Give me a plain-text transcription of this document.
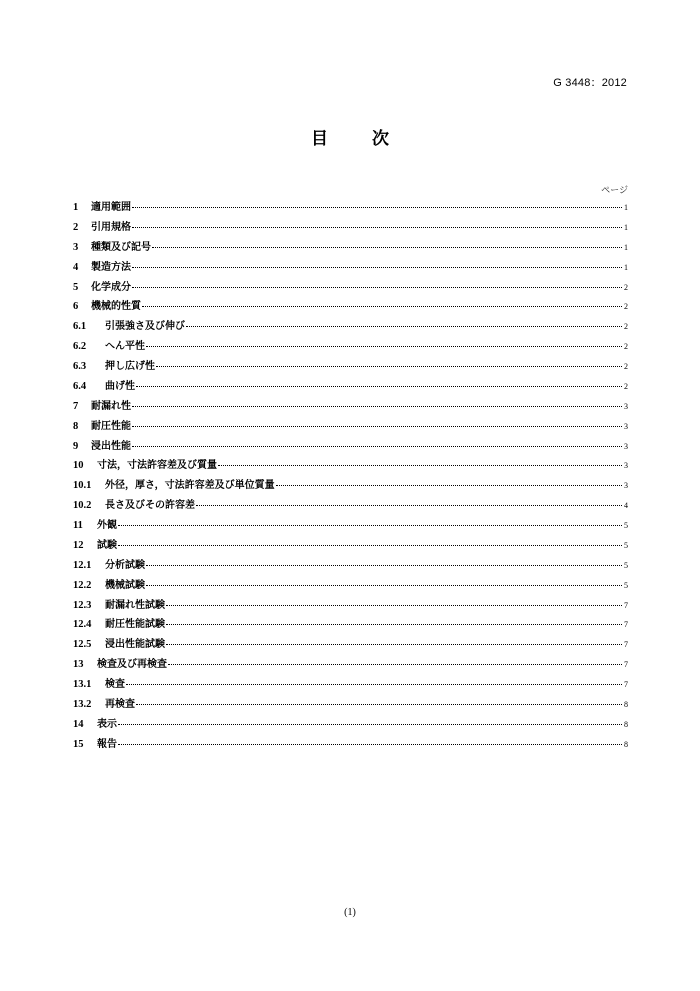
G 3448：2012
目 次
ページ
1	適用範囲	1
2	引用規格	1
3	種類及び記号	1
4	製造方法	1
5	化学成分	2
6	機械的性質	2
6.1	引張強さ及び伸び	2
6.2	へん平性	2
6.3	押し広げ性	2
6.4	曲げ性	2
7	耐漏れ性	3
8	耐圧性能	3
9	浸出性能	3
10	寸法，寸法許容差及び質量	3
10.1	外径，厚さ，寸法許容差及び単位質量	3
10.2	長さ及びその許容差	4
11	外観	5
12	試験	5
12.1	分析試験	5
12.2	機械試験	5
12.3	耐漏れ性試験	7
12.4	耐圧性能試験	7
12.5	浸出性能試験	7
13	検査及び再検査	7
13.1	検査	7
13.2	再検査	8
14	表示	8
15	報告	8
(1)
